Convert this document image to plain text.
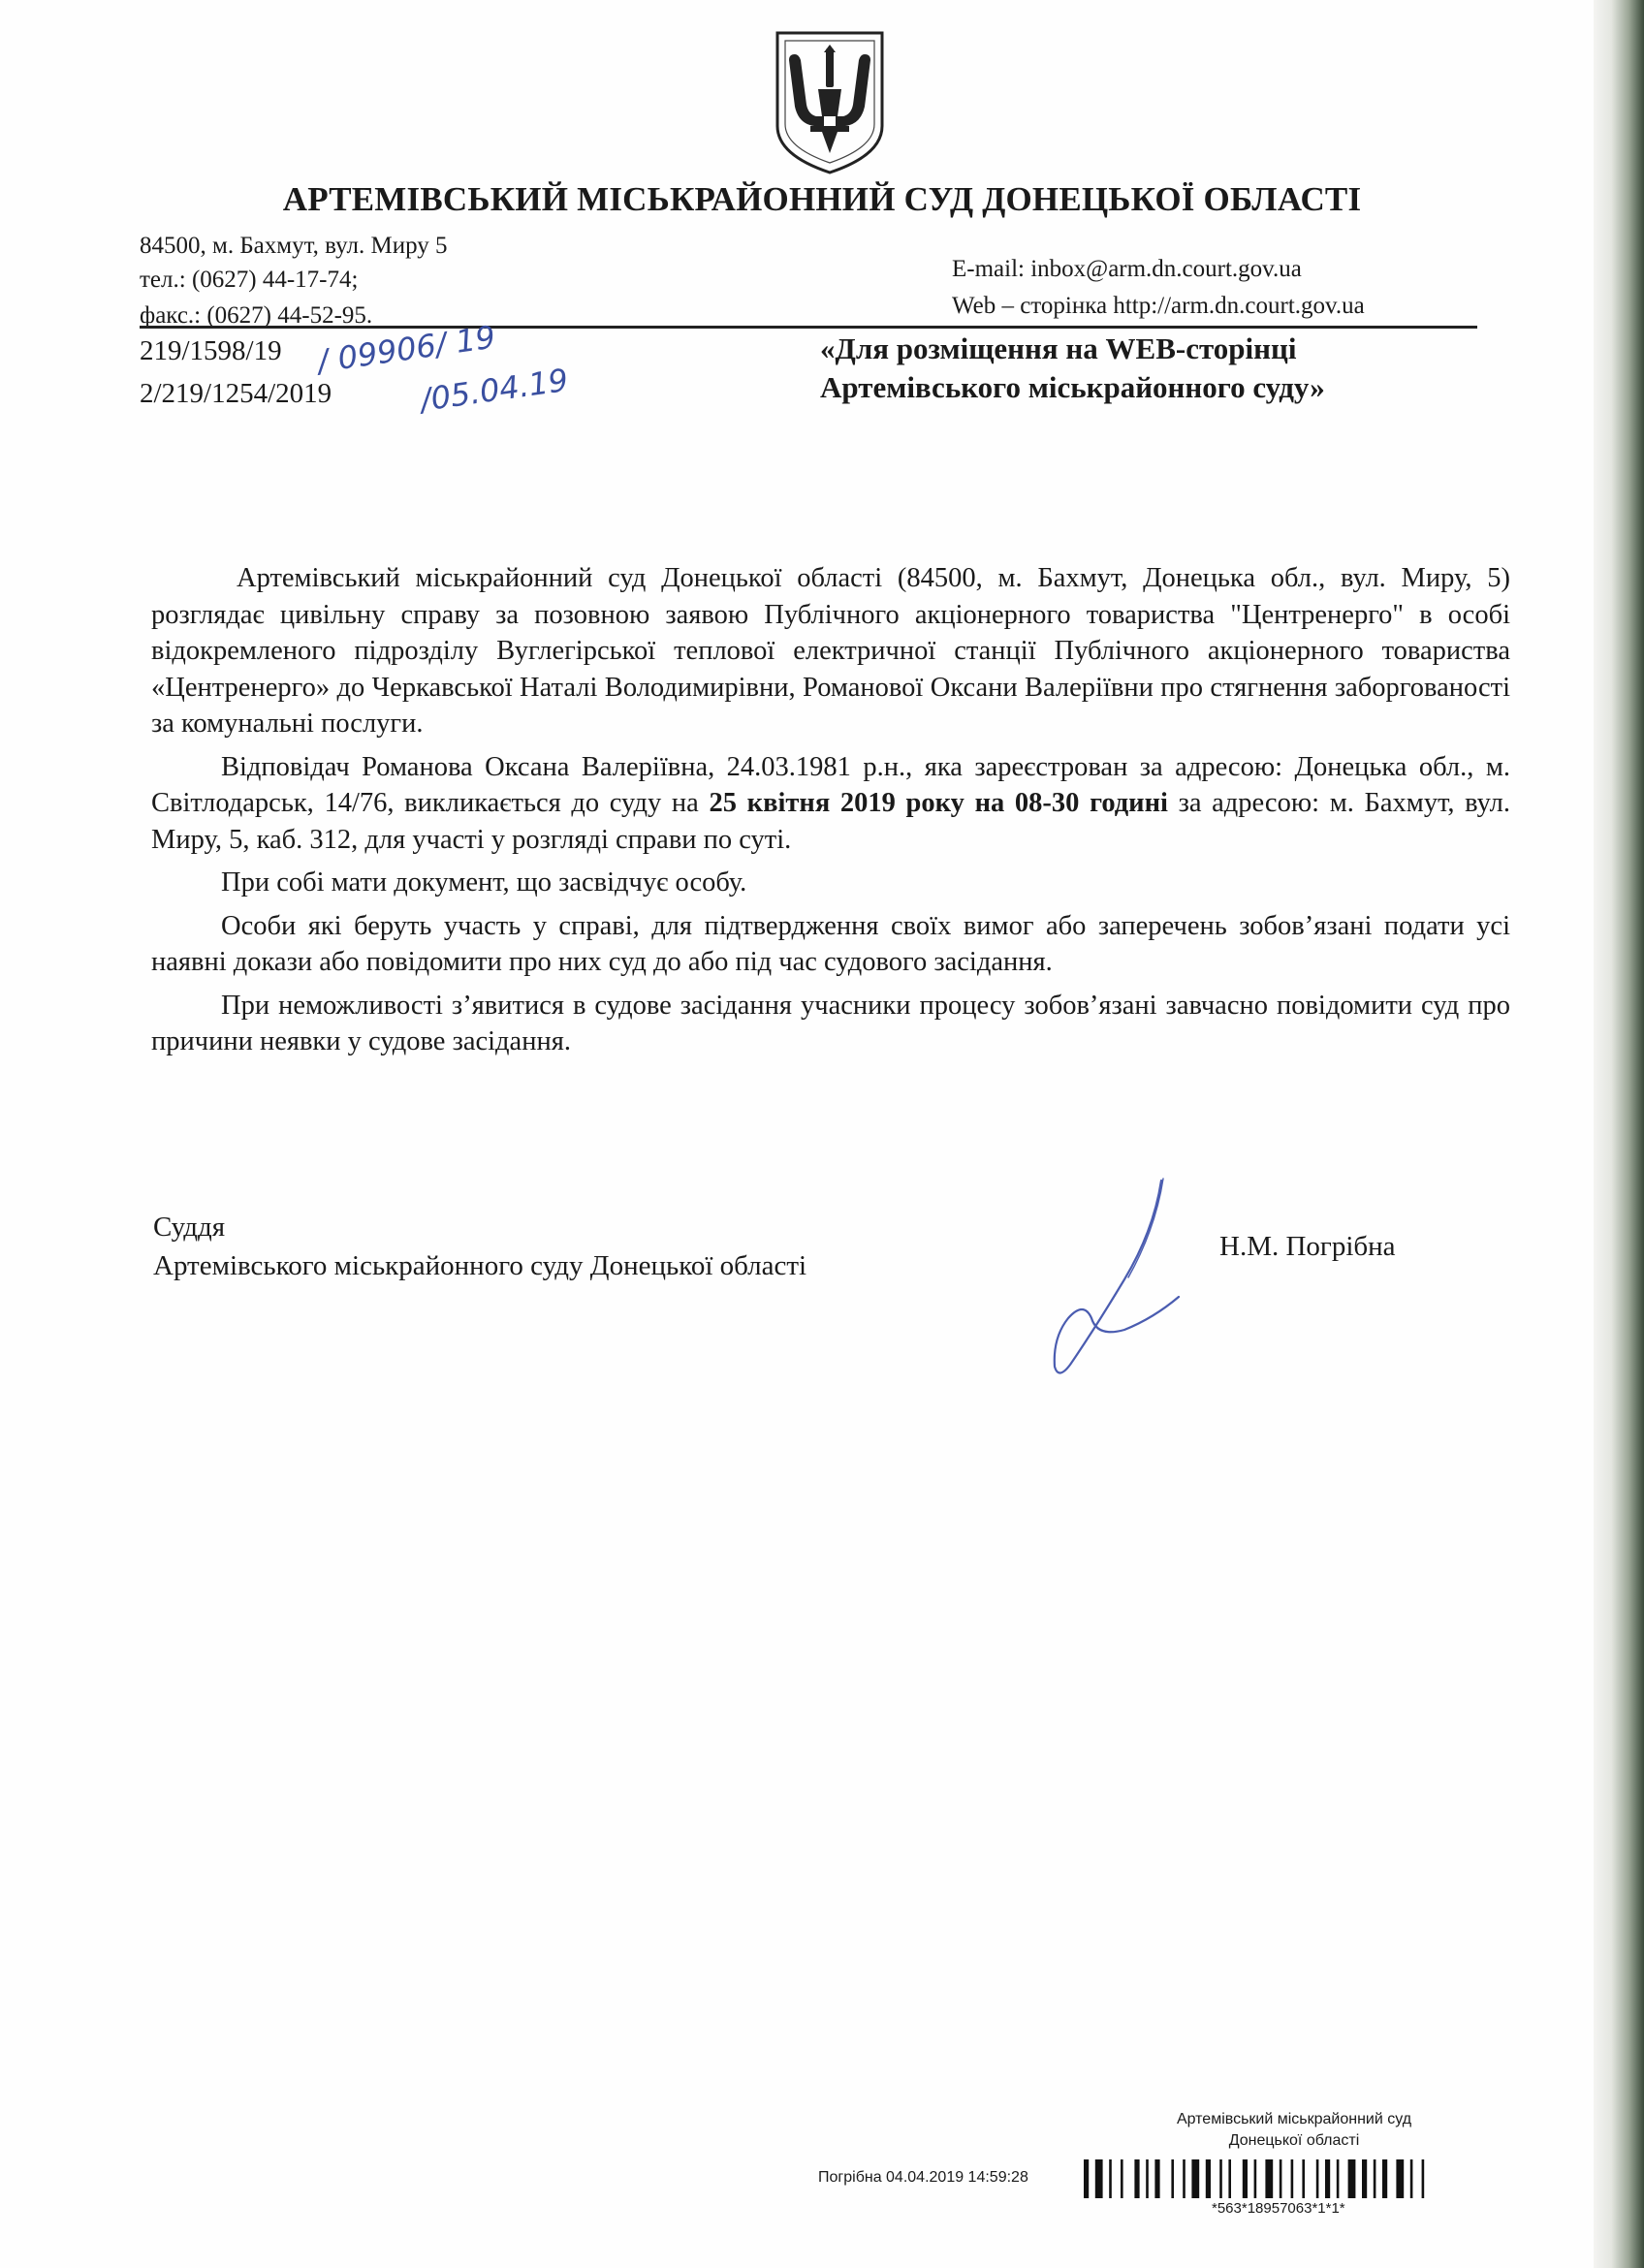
АРТЕМІВСЬКИЙ МІСЬКРАЙОННИЙ СУД ДОНЕЦЬКОЇ ОБЛАСТІ
84500, м. Бахмут, вул. Миру 5
тел.: (0627) 44-17-74;
факс.: (0627) 44-52-95.
E-mail: inbox@arm.dn.court.gov.ua
Web – сторінка http://arm.dn.court.gov.ua
219/1598/19
2/219/1254/2019
/ 09906/ 19
/05.04.19
«Для розміщення на WEB-сторінці
Артемівського міськрайонного суду»

Артемівський міськрайонний суд Донецької області (84500, м. Бахмут, Донецька обл., вул. Миру, 5) розглядає цивільну справу за позовною заявою Публічного акціонерного товариства "Центренерго" в особі відокремленого підрозділу Вуглегірської теплової електричної станції Публічного акціонерного товариства «Центренерго» до Черкавської Наталі Володимирівни, Романової Оксани Валеріївни про стягнення заборгованості за комунальні послуги.

Відповідач Романова Оксана Валеріївна, 24.03.1981 р.н., яка зареєстрован за адресою: Донецька обл., м. Світлодарськ, 14/76, викликається до суду на 25 квітня 2019 року на 08-30 годині за адресою: м. Бахмут, вул. Миру, 5, каб. 312, для участі у розгляді справи по суті.

При собі мати документ, що засвідчує особу.

Особи які беруть участь у справі, для підтвердження своїх вимог або заперечень зобов’язані подати усі наявні докази або повідомити про них суд до або під час судового засідання.

При неможливості з’явитися в судове засідання учасники процесу зобов’язані завчасно повідомити суд про причини неявки у судове засідання.

Суддя
Артемівського міськрайонного суду Донецької області
Н.М. Погрібна
Артемівський міськрайонний суд
Донецької області
Погрібна 04.04.2019 14:59:28
*563*18957063*1*1*
